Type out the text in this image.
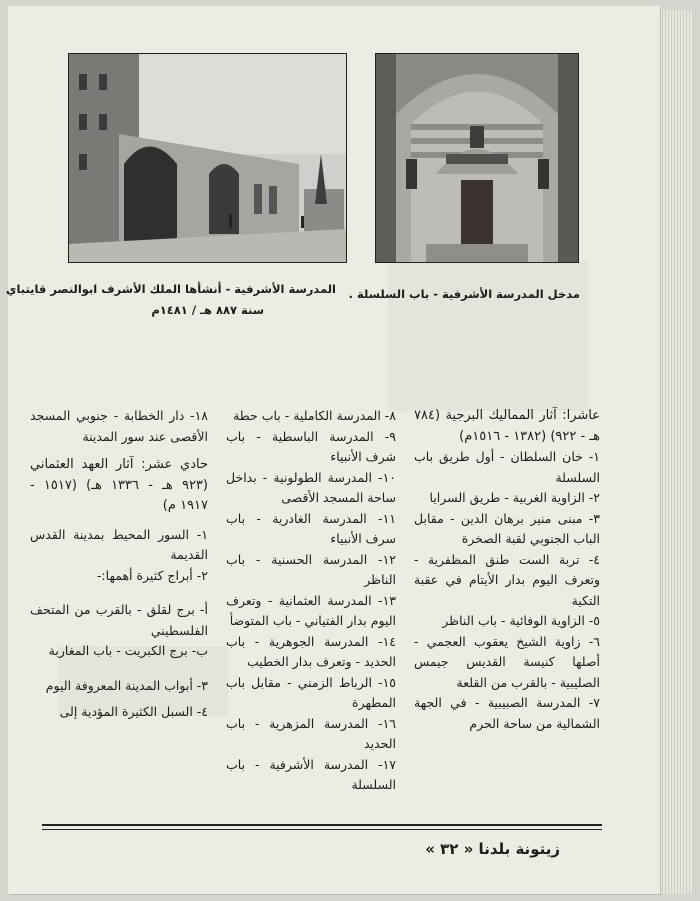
مدخل المدرسة الأشرفية - باب السلسلة .
المدرسة الأشرفية - أنشأها الملك الأشرف ابوالنصر قايتباي
سنة ٨٨٧ هـ / ١٤٨١م

عاشرا: آثار المماليك البرجية (٧٨٤ هـ - ٩٢٢) (١٣٨٢ - ١٥١٦م)

١- خان السلطان - أول طريق باب السلسلة

٢- الزاوية الغربية - طريق السرايا

٣- مبنى منير برهان الدين - مقابل الباب الجنوبي لقبة الصخرة

٤- تربة الست طنق المظفرية - وتعرف اليوم بدار الأيتام في عقبة التكية

٥- الزاوية الوفائية - باب الناظر

٦- زاوية الشيخ يعقوب العجمي - أصلها كنيسة القديس جيمس الصليبية - بالقرب من القلعة

٧- المدرسة الصبيبية - في الجهة الشمالية من ساحة الحرم

٨- المدرسة الكاملية - باب حطة

٩- المدرسة الباسطية - باب شرف الأنبياء

١٠- المدرسة الطولونية - بداخل ساحة المسجد الأقصى

١١- المدرسة الغادرية - باب سرف الأنبياء

١٢- المدرسة الحسنية - باب الناظر

١٣- المدرسة العثمانية - وتعرف اليوم بدار الفتياني - باب المتوضأ

١٤- المدرسة الجوهرية - باب الحديد - وتعرف بدار الخطيب

١٥- الرباط الزمني - مقابل باب المطهرة

١٦- المدرسة المزهرية - باب الحديد

١٧- المدرسة الأشرفية - باب السلسلة

١٨- دار الخطابة - جنوبي المسجد الأقصى عند سور المدينة

حادي عشر: آثار العهد العثماني (٩٢٣ هـ - ١٣٣٦ هـ) (١٥١٧ - ١٩١٧ م)

١- السور المحيط بمدينة القدس القديمة

٢- أبراج كثيرة أهمها:-

أ- برج لقلق - بالقرب من المتحف الفلسطيني

ب- برج الكبريت - باب المغاربة

٣- أبواب المدينة المعروفة اليوم

٤- السبل الكثيرة المؤدية إلى

زيتونة بلدنا « ٣٢ »
